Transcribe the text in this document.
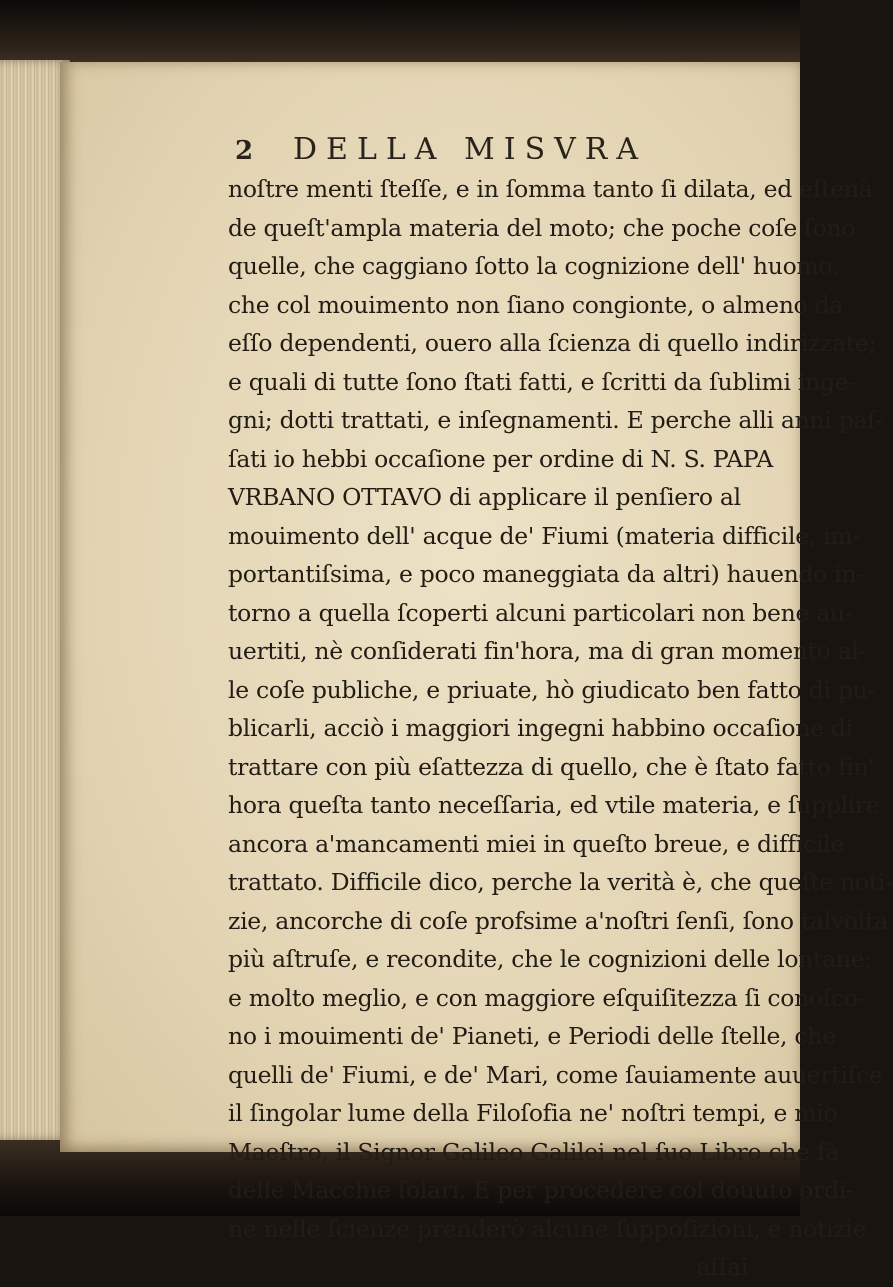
2 DELLA MISVRA
noſtre menti ſteſſe, e in ſomma tanto ſi dilata, ed eſtenà
de queſt'ampla materia del moto; che poche coſe ſono
quelle, che caggiano ſotto la cognizione dell' huomo,
che col mouimento non ſiano congionte, o almeno da
eſſo dependenti, ouero alla ſcienza di quello indirizzate;
e quali di tutte ſono ſtati fatti, e ſcritti da ſublimi inge-
gni; dotti trattati, e inſegnamenti. E perche alli anni paſ-
ſati io hebbi occaſione per ordine di N. S. PAPA
VRBANO OTTAVO di applicare il penſiero al
mouimento dell' acque de' Fiumi (materia difficile, im-
portantiſsima, e poco maneggiata da altri) hauendo in-
torno a quella ſcoperti alcuni particolari non bene au-
uertiti, nè conſiderati fin'hora, ma di gran momento al-
le coſe publiche, e priuate, hò giudicato ben fatto di pu-
blicarli, acciò i maggiori ingegni habbino occaſione di
trattare con più eſattezza di quello, che è ſtato fatto fin'
hora queſta tanto neceſſaria, ed vtile materia, e ſupplire
ancora a'mancamenti miei in queſto breue, e difficile
trattato. Difficile dico, perche la verità è, che queſte noti-
zie, ancorche di coſe profsime a'noſtri ſenſi, ſono talvolta
più aſtruſe, e recondite, che le cognizioni delle lontane;
e molto meglio, e con maggiore eſquiſitezza ſi conoſco-
no i mouimenti de' Pianeti, e Periodi delle ſtelle, che
quelli de' Fiumi, e de' Mari, come ſauiamente auuertiſce
il ſingolar lume della Filoſofia ne' noſtri tempi, e mio
Maeſtro, il Signor Galileo Galilei nel ſuo Libro che fà
delle Macchie ſolari. E per procedere col douuto ordi-
ne nelle ſcienze prenderò alcune ſuppoſizioni, e notizie
aſſai
